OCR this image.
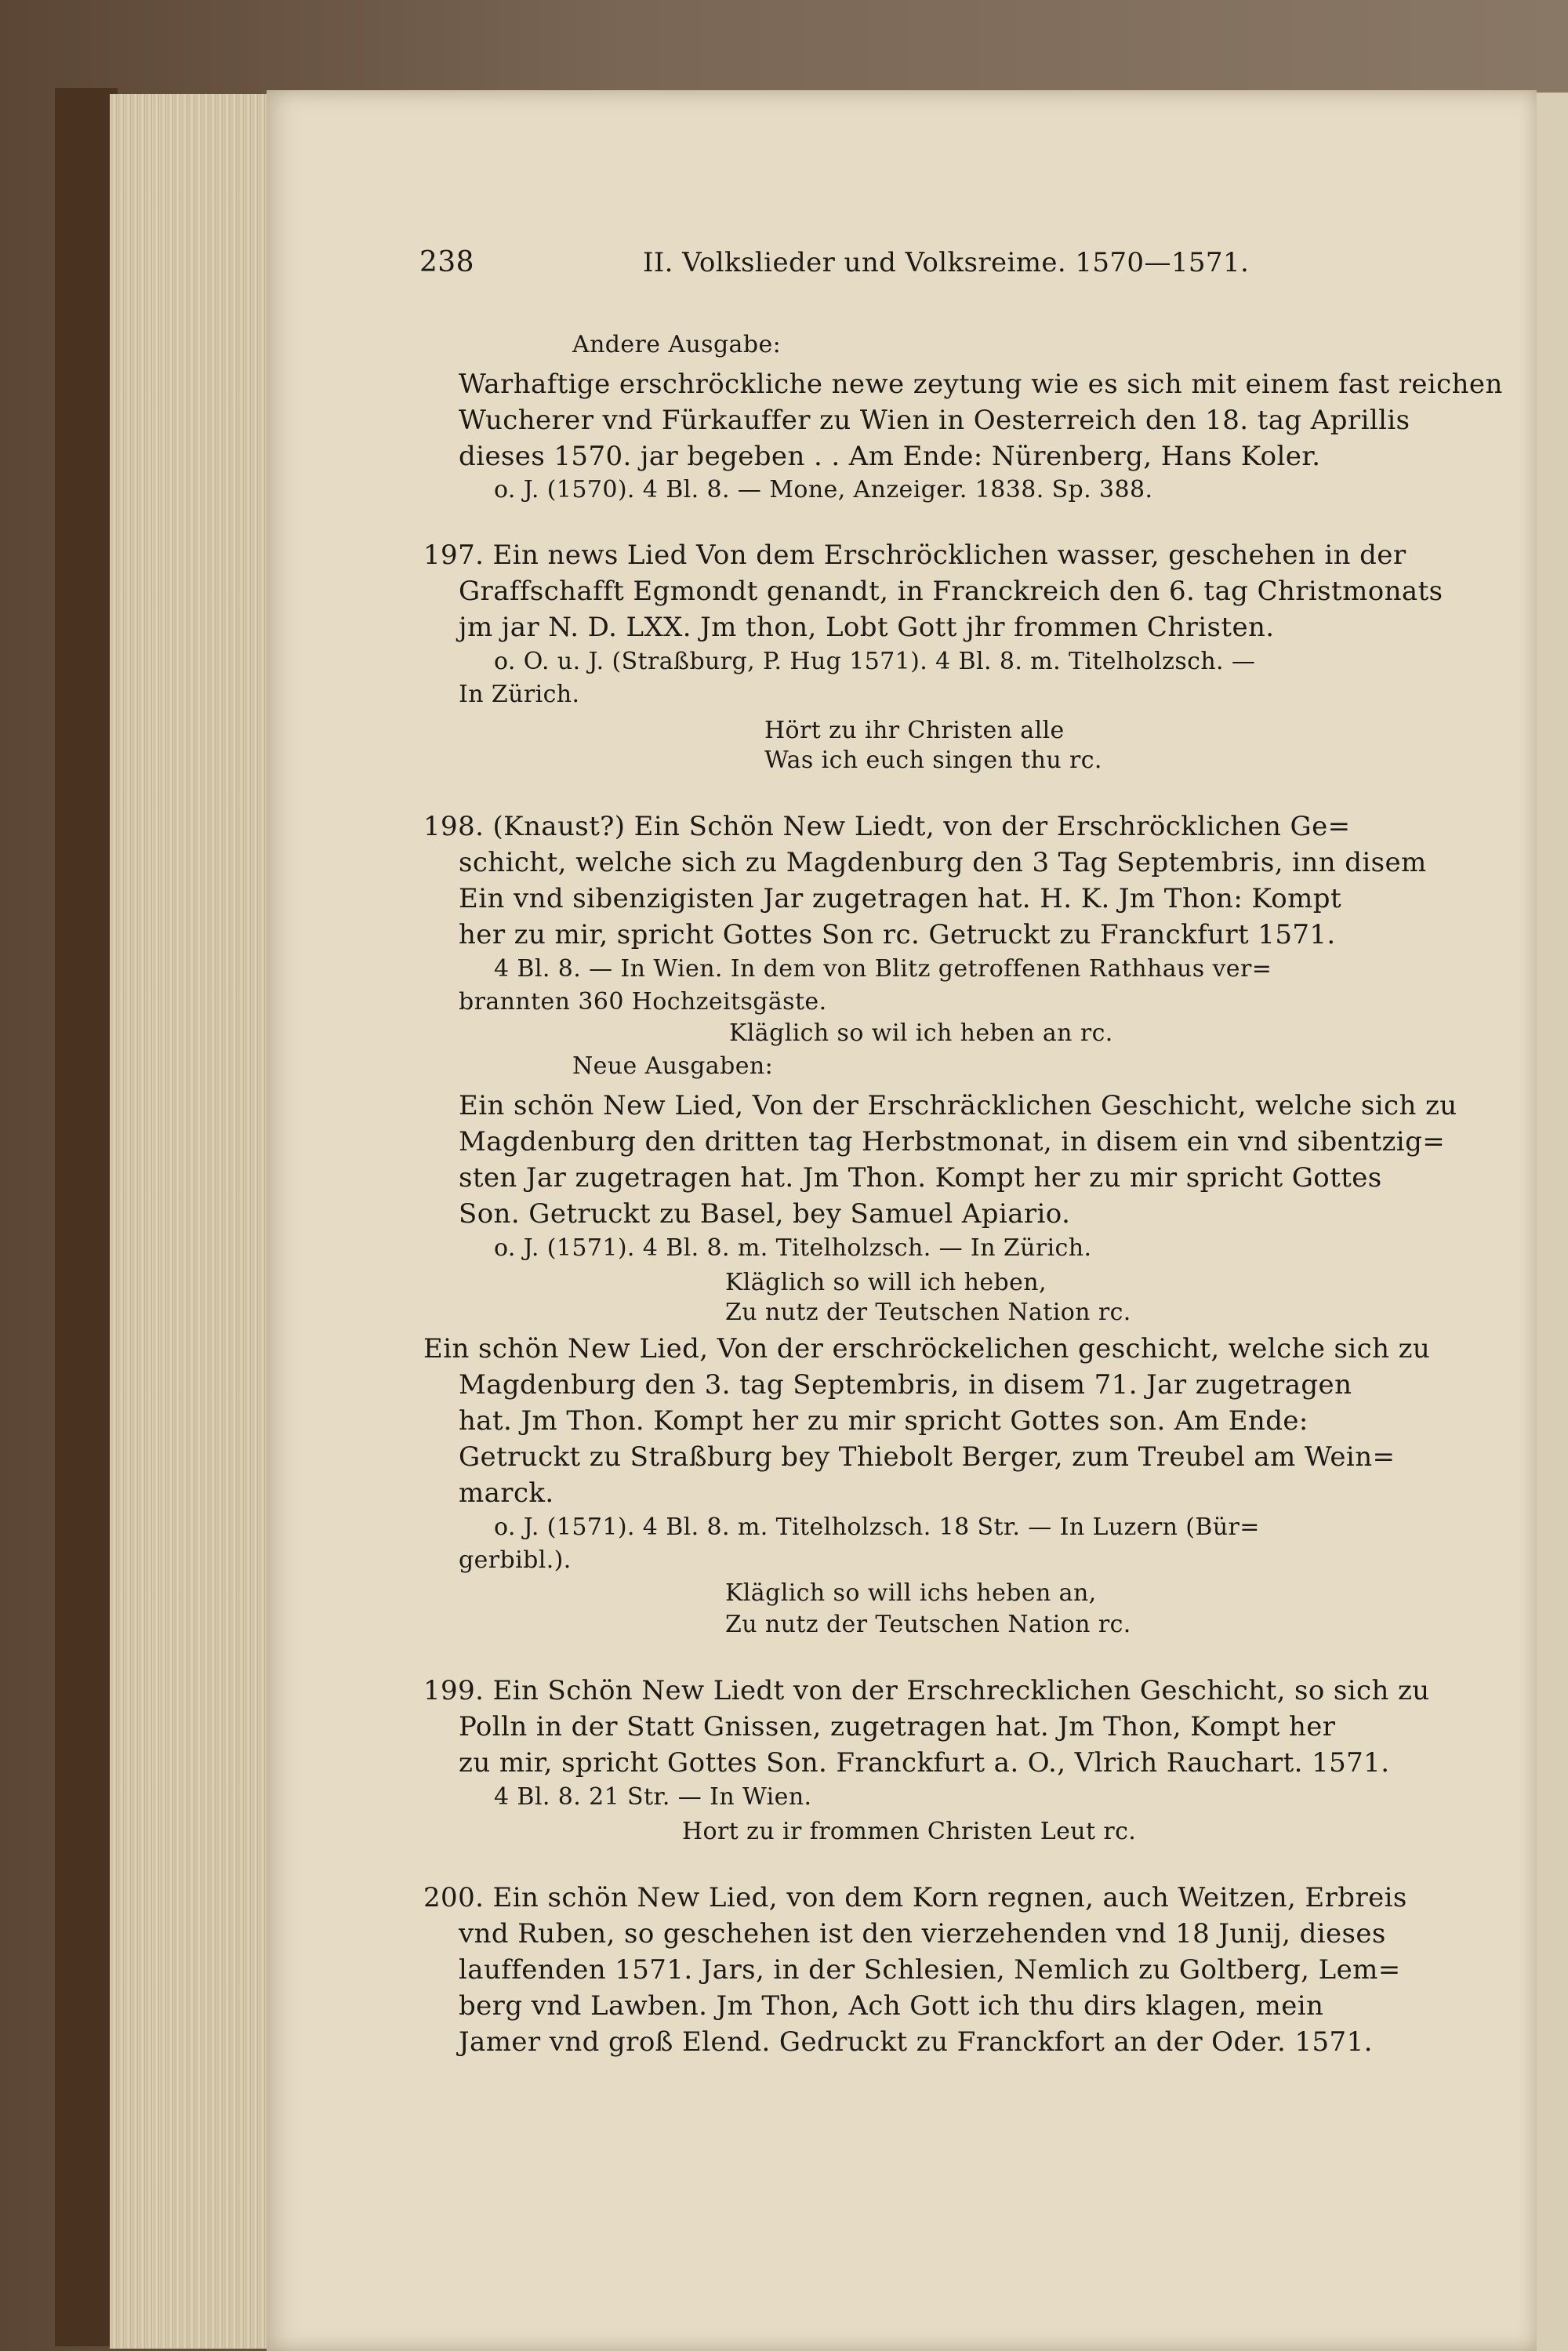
238	II. Volkslieder und Volksreime. 1570—1571.
Andere Ausgabe:
Warhaftige erschröckliche newe zeytung wie es sich mit einem fast reichen
Wucherer vnd Fürkauffer zu Wien in Oesterreich den 18. tag Aprillis
dieses 1570. jar begeben . . Am Ende: Nürenberg, Hans Koler.
o. J. (1570). 4 Bl. 8. — Mone, Anzeiger. 1838. Sp. 388.
197. Ein news Lied Von dem Erschröcklichen wasser, geschehen in der
Graffschafft Egmondt genandt, in Franckreich den 6. tag Christmonats
jm jar N. D. LXX. Jm thon, Lobt Gott jhr frommen Christen.
o. O. u. J. (Straßburg, P. Hug 1571). 4 Bl. 8. m. Titelholzsch. —
In Zürich.
Hört zu ihr Christen alle
Was ich euch singen thu rc.
198. (Knaust?) Ein Schön New Liedt, von der Erschröcklichen Ge=
schicht, welche sich zu Magdenburg den 3 Tag Septembris, inn disem
Ein vnd sibenzigisten Jar zugetragen hat. H. K. Jm Thon: Kompt
her zu mir, spricht Gottes Son rc. Getruckt zu Franckfurt 1571.
4 Bl. 8. — In Wien. In dem von Blitz getroffenen Rathhaus ver=
brannten 360 Hochzeitsgäste.
Kläglich so wil ich heben an rc.
Neue Ausgaben:
Ein schön New Lied, Von der Erschräcklichen Geschicht, welche sich zu
Magdenburg den dritten tag Herbstmonat, in disem ein vnd sibentzig=
sten Jar zugetragen hat. Jm Thon. Kompt her zu mir spricht Gottes
Son. Getruckt zu Basel, bey Samuel Apiario.
o. J. (1571). 4 Bl. 8. m. Titelholzsch. — In Zürich.
Kläglich so will ich heben,
Zu nutz der Teutschen Nation rc.
Ein schön New Lied, Von der erschröckelichen geschicht, welche sich zu
Magdenburg den 3. tag Septembris, in disem 71. Jar zugetragen
hat. Jm Thon. Kompt her zu mir spricht Gottes son. Am Ende:
Getruckt zu Straßburg bey Thiebolt Berger, zum Treubel am Wein=
marck.
o. J. (1571). 4 Bl. 8. m. Titelholzsch. 18 Str. — In Luzern (Bür=
gerbibl.).
Kläglich so will ichs heben an,
Zu nutz der Teutschen Nation rc.
199. Ein Schön New Liedt von der Erschrecklichen Geschicht, so sich zu
Polln in der Statt Gnissen, zugetragen hat. Jm Thon, Kompt her
zu mir, spricht Gottes Son. Franckfurt a. O., Vlrich Rauchart. 1571.
4 Bl. 8. 21 Str. — In Wien.
Hort zu ir frommen Christen Leut rc.
200. Ein schön New Lied, von dem Korn regnen, auch Weitzen, Erbreis
vnd Ruben, so geschehen ist den vierzehenden vnd 18 Junij, dieses
lauffenden 1571. Jars, in der Schlesien, Nemlich zu Goltberg, Lem=
berg vnd Lawben. Jm Thon, Ach Gott ich thu dirs klagen, mein
Jamer vnd groß Elend. Gedruckt zu Franckfort an der Oder. 1571.
